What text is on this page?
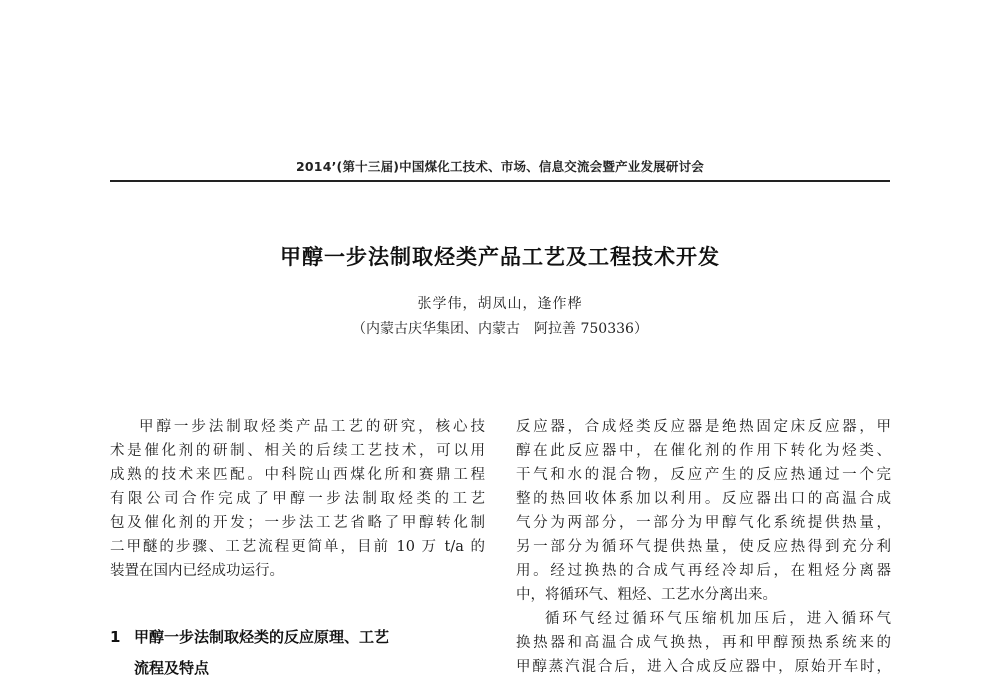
2014’(第十三届)中国煤化工技术、市场、信息交流会暨产业发展研讨会
甲醇一步法制取烃类产品工艺及工程技术开发
张学伟，胡凤山，逢作桦
（内蒙古庆华集团、内蒙古　阿拉善 750336）
甲醇一步法制取烃类产品工艺的研究，核心技
术是催化剂的研制、相关的后续工艺技术，可以用
成熟的技术来匹配。中科院山西煤化所和赛鼎工程
有限公司合作完成了甲醇一步法制取烃类的工艺
包及催化剂的开发；一步法工艺省略了甲醇转化制
二甲醚的步骤、工艺流程更简单，目前 10 万 t/a 的
装置在国内已经成功运行。
1 甲醇一步法制取烃类的反应原理、工艺
流程及特点
反应器，合成烃类反应器是绝热固定床反应器，甲
醇在此反应器中，在催化剂的作用下转化为烃类、
干气和水的混合物，反应产生的反应热通过一个完
整的热回收体系加以利用。反应器出口的高温合成
气分为两部分，一部分为甲醇气化系统提供热量，
另一部分为循环气提供热量，使反应热得到充分利
用。经过换热的合成气再经冷却后，在粗烃分离器
中，将循环气、粗烃、工艺水分离出来。
循环气经过循环气压缩机加压后，进入循环气
换热器和高温合成气换热，再和甲醇预热系统来的
甲醇蒸汽混合后，进入合成反应器中，原始开车时，
